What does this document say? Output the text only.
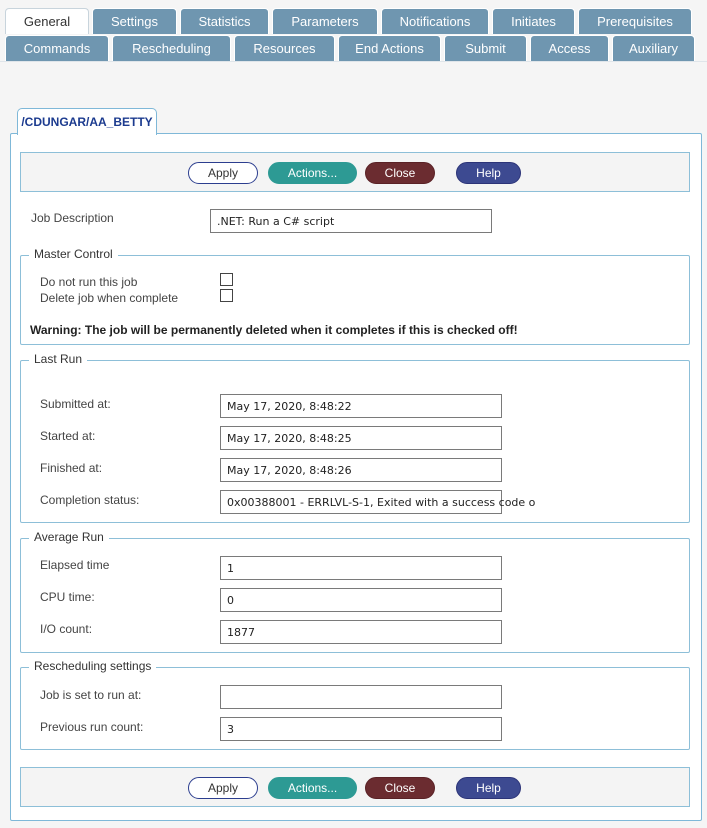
General	Settings	Statistics	Parameters	Notifications	Initiates	Prerequisites
Commands	Rescheduling	Resources	End Actions	Submit	Access	Auxiliary
/CDUNGAR/AA_BETTY
Apply	Actions...	Close	Help
Job Description	.NET: Run a C# script
Master Control
Do not run this job
Delete job when complete
Warning: The job will be permanently deleted when it completes if this is checked off!
Last Run
Submitted at:	May 17, 2020, 8:48:22
Started at:	May 17, 2020, 8:48:25
Finished at:	May 17, 2020, 8:48:26
Completion status:	0x00388001 - ERRLVL-S-1, Exited with a success code o
Average Run
Elapsed time	1
CPU time:	0
I/O count:	1877
Rescheduling settings
Job is set to run at:
Previous run count:	3
Apply	Actions...	Close	Help
